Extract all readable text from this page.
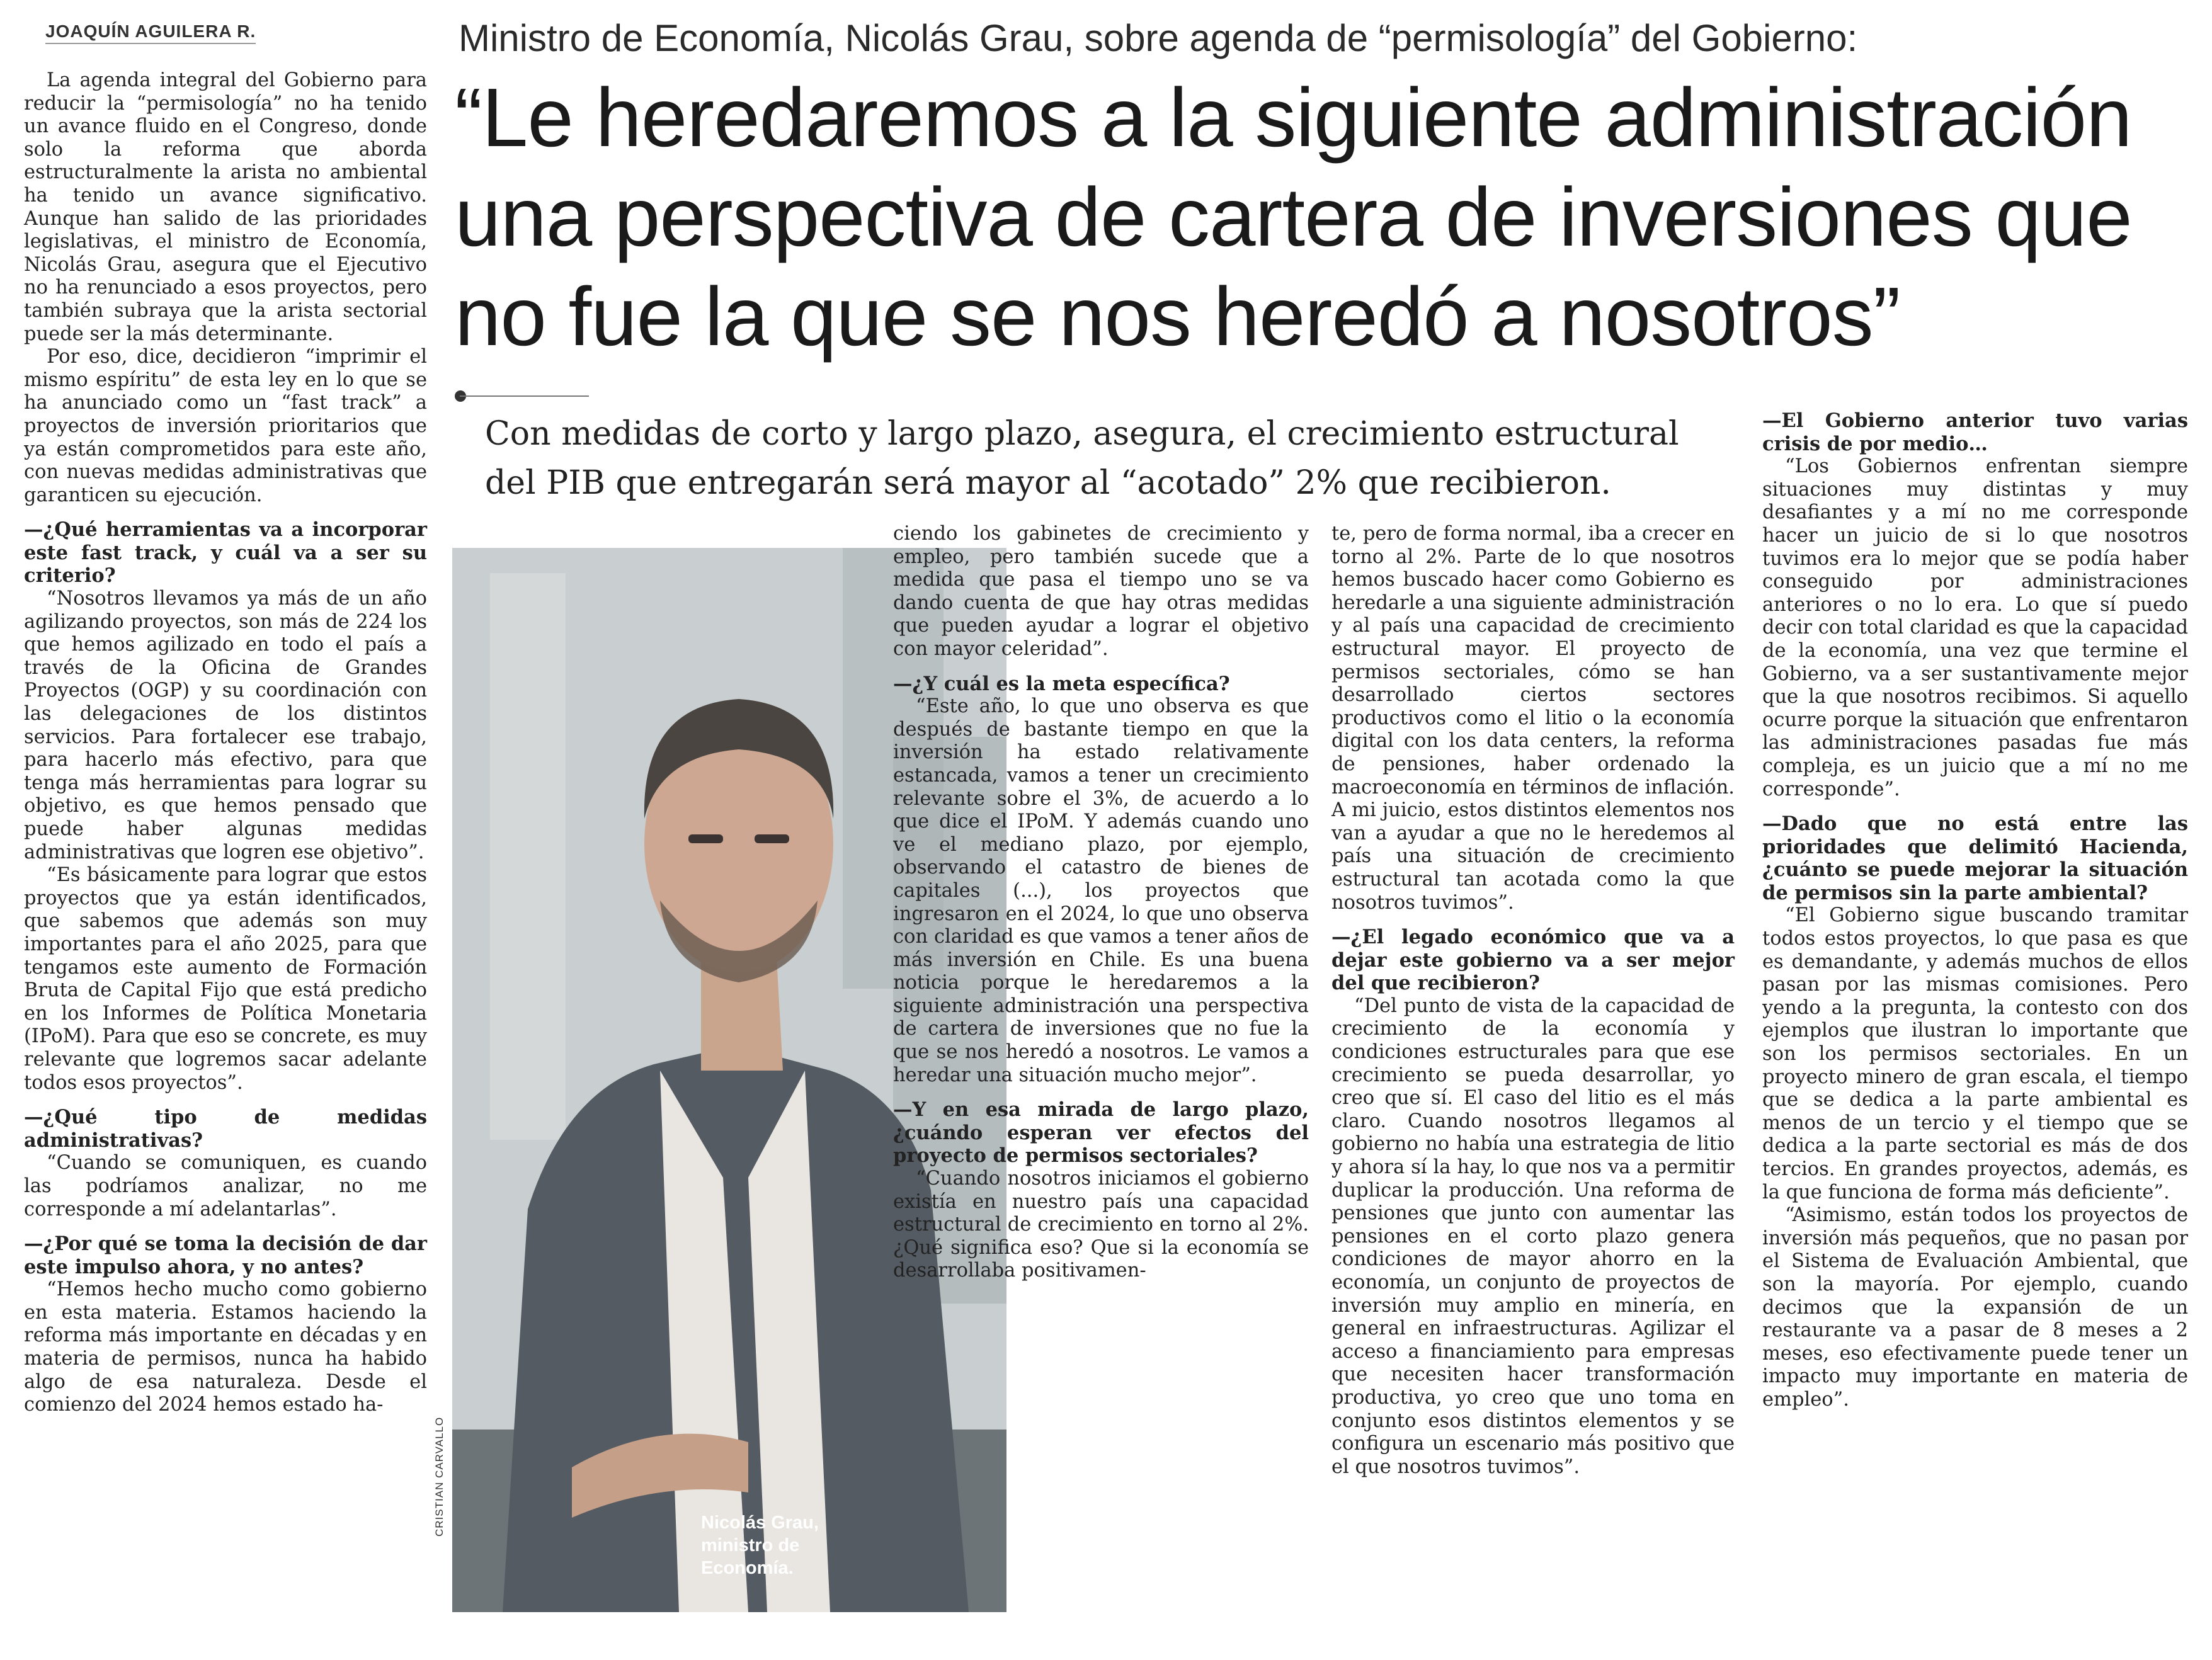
JOAQUÍN AGUILERA R.	Ministro de Economía, Nicolás Grau, sobre agenda de “permisología” del Gobierno:
“Le heredaremos a la siguiente administración
una perspectiva de cartera de inversiones que
no fue la que se nos heredó a nosotros”
Con medidas de corto y largo plazo, asegura, el crecimiento estructural del PIB que entregarán será mayor al “acotado” 2% que recibieron.

La agenda integral del Gobierno para reducir la “permisología” no ha tenido un avance fluido en el Congreso, donde solo la reforma que aborda estructuralmente la arista no ambiental ha tenido un avance significativo. Aunque han salido de las prioridades legislativas, el ministro de Economía, Nicolás Grau, asegura que el Ejecutivo no ha renunciado a esos proyectos, pero también subraya que la arista sectorial puede ser la más determinante.

Por eso, dice, decidieron “imprimir el mismo espíritu” de esta ley en lo que se ha anunciado como un “fast track” a proyectos de inversión prioritarios que ya están comprometidos para este año, con nuevas medidas administrativas que garanticen su ejecución.

—¿Qué herramientas va a incorporar este fast track, y cuál va a ser su criterio?

“Nosotros llevamos ya más de un año agilizando proyectos, son más de 224 los que hemos agilizado en todo el país a través de la Oficina de Grandes Proyectos (OGP) y su coordinación con las delegaciones de los distintos servicios. Para fortalecer ese trabajo, para hacerlo más efectivo, para que tenga más herramientas para lograr su objetivo, es que hemos pensado que puede haber algunas medidas administrativas que logren ese objetivo”.

“Es básicamente para lograr que estos proyectos que ya están identificados, que sabemos que además son muy importantes para el año 2025, para que tengamos este aumento de Formación Bruta de Capital Fijo que está predicho en los Informes de Política Monetaria (IPoM). Para que eso se concrete, es muy relevante que logremos sacar adelante todos esos proyectos”.

—¿Qué tipo de medidas administrativas?

“Cuando se comuniquen, es cuando las podríamos analizar, no me corresponde a mí adelantarlas”.

—¿Por qué se toma la decisión de dar este impulso ahora, y no antes?

“Hemos hecho mucho como gobierno en esta materia. Estamos haciendo la reforma más importante en décadas y en materia de permisos, nunca ha habido algo de esa naturaleza. Desde el comienzo del 2024 hemos estado ha-

Nicolás Grau,
ministro de
Economía.
CRISTIAN CARVALLO

ciendo los gabinetes de crecimiento y empleo, pero también sucede que a medida que pasa el tiempo uno se va dando cuenta de que hay otras medidas que pueden ayudar a lograr el objetivo con mayor celeridad”.

—¿Y cuál es la meta específica?

“Este año, lo que uno observa es que después de bastante tiempo en que la inversión ha estado relativamente estancada, vamos a tener un crecimiento relevante sobre el 3%, de acuerdo a lo que dice el IPoM. Y además cuando uno ve el mediano plazo, por ejemplo, observando el catastro de bienes de capitales (...), los proyectos que ingresaron en el 2024, lo que uno observa con claridad es que vamos a tener años de más inversión en Chile. Es una buena noticia porque le heredaremos a la siguiente administración una perspectiva de cartera de inversiones que no fue la que se nos heredó a nosotros. Le vamos a heredar una situación mucho mejor”.

—Y en esa mirada de largo plazo, ¿cuándo esperan ver efectos del proyecto de permisos sectoriales?

“Cuando nosotros iniciamos el gobierno existía en nuestro país una capacidad estructural de crecimiento en torno al 2%. ¿Qué significa eso? Que si la economía se desarrollaba positivamen-

te, pero de forma normal, iba a crecer en torno al 2%. Parte de lo que nosotros hemos buscado hacer como Gobierno es heredarle a una siguiente administración y al país una capacidad de crecimiento estructural mayor. El proyecto de permisos sectoriales, cómo se han desarrollado ciertos sectores productivos como el litio o la economía digital con los data centers, la reforma de pensiones, haber ordenado la macroeconomía en términos de inflación. A mi juicio, estos distintos elementos nos van a ayudar a que no le heredemos al país una situación de crecimiento estructural tan acotada como la que nosotros tuvimos”.

—¿El legado económico que va a dejar este gobierno va a ser mejor del que recibieron?

“Del punto de vista de la capacidad de crecimiento de la economía y condiciones estructurales para que ese crecimiento se pueda desarrollar, yo creo que sí. El caso del litio es el más claro. Cuando nosotros llegamos al gobierno no había una estrategia de litio y ahora sí la hay, lo que nos va a permitir duplicar la producción. Una reforma de pensiones que junto con aumentar las pensiones en el corto plazo genera condiciones de mayor ahorro en la economía, un conjunto de proyectos de inversión muy amplio en minería, en general en infraestructuras. Agilizar el acceso a financiamiento para empresas que necesiten hacer transformación productiva, yo creo que uno toma en conjunto esos distintos elementos y se configura un escenario más positivo que el que nosotros tuvimos”.

—El Gobierno anterior tuvo varias crisis de por medio…

“Los Gobiernos enfrentan siempre situaciones muy distintas y muy desafiantes y a mí no me corresponde hacer un juicio de si lo que nosotros tuvimos era lo mejor que se podía haber conseguido por administraciones anteriores o no lo era. Lo que sí puedo decir con total claridad es que la capacidad de la economía, una vez que termine el Gobierno, va a ser sustantivamente mejor que la que nosotros recibimos. Si aquello ocurre porque la situación que enfrentaron las administraciones pasadas fue más compleja, es un juicio que a mí no me corresponde”.

—Dado que no está entre las prioridades que delimitó Hacienda, ¿cuánto se puede mejorar la situación de permisos sin la parte ambiental?

“El Gobierno sigue buscando tramitar todos estos proyectos, lo que pasa es que es demandante, y además muchos de ellos pasan por las mismas comisiones. Pero yendo a la pregunta, la contesto con dos ejemplos que ilustran lo importante que son los permisos sectoriales. En un proyecto minero de gran escala, el tiempo que se dedica a la parte ambiental es menos de un tercio y el tiempo que se dedica a la parte sectorial es más de dos tercios. En grandes proyectos, además, es la que funciona de forma más deficiente”.

“Asimismo, están todos los proyectos de inversión más pequeños, que no pasan por el Sistema de Evaluación Ambiental, que son la mayoría. Por ejemplo, cuando decimos que la expansión de un restaurante va a pasar de 8 meses a 2 meses, eso efectivamente puede tener un impacto muy importante en materia de empleo”.
